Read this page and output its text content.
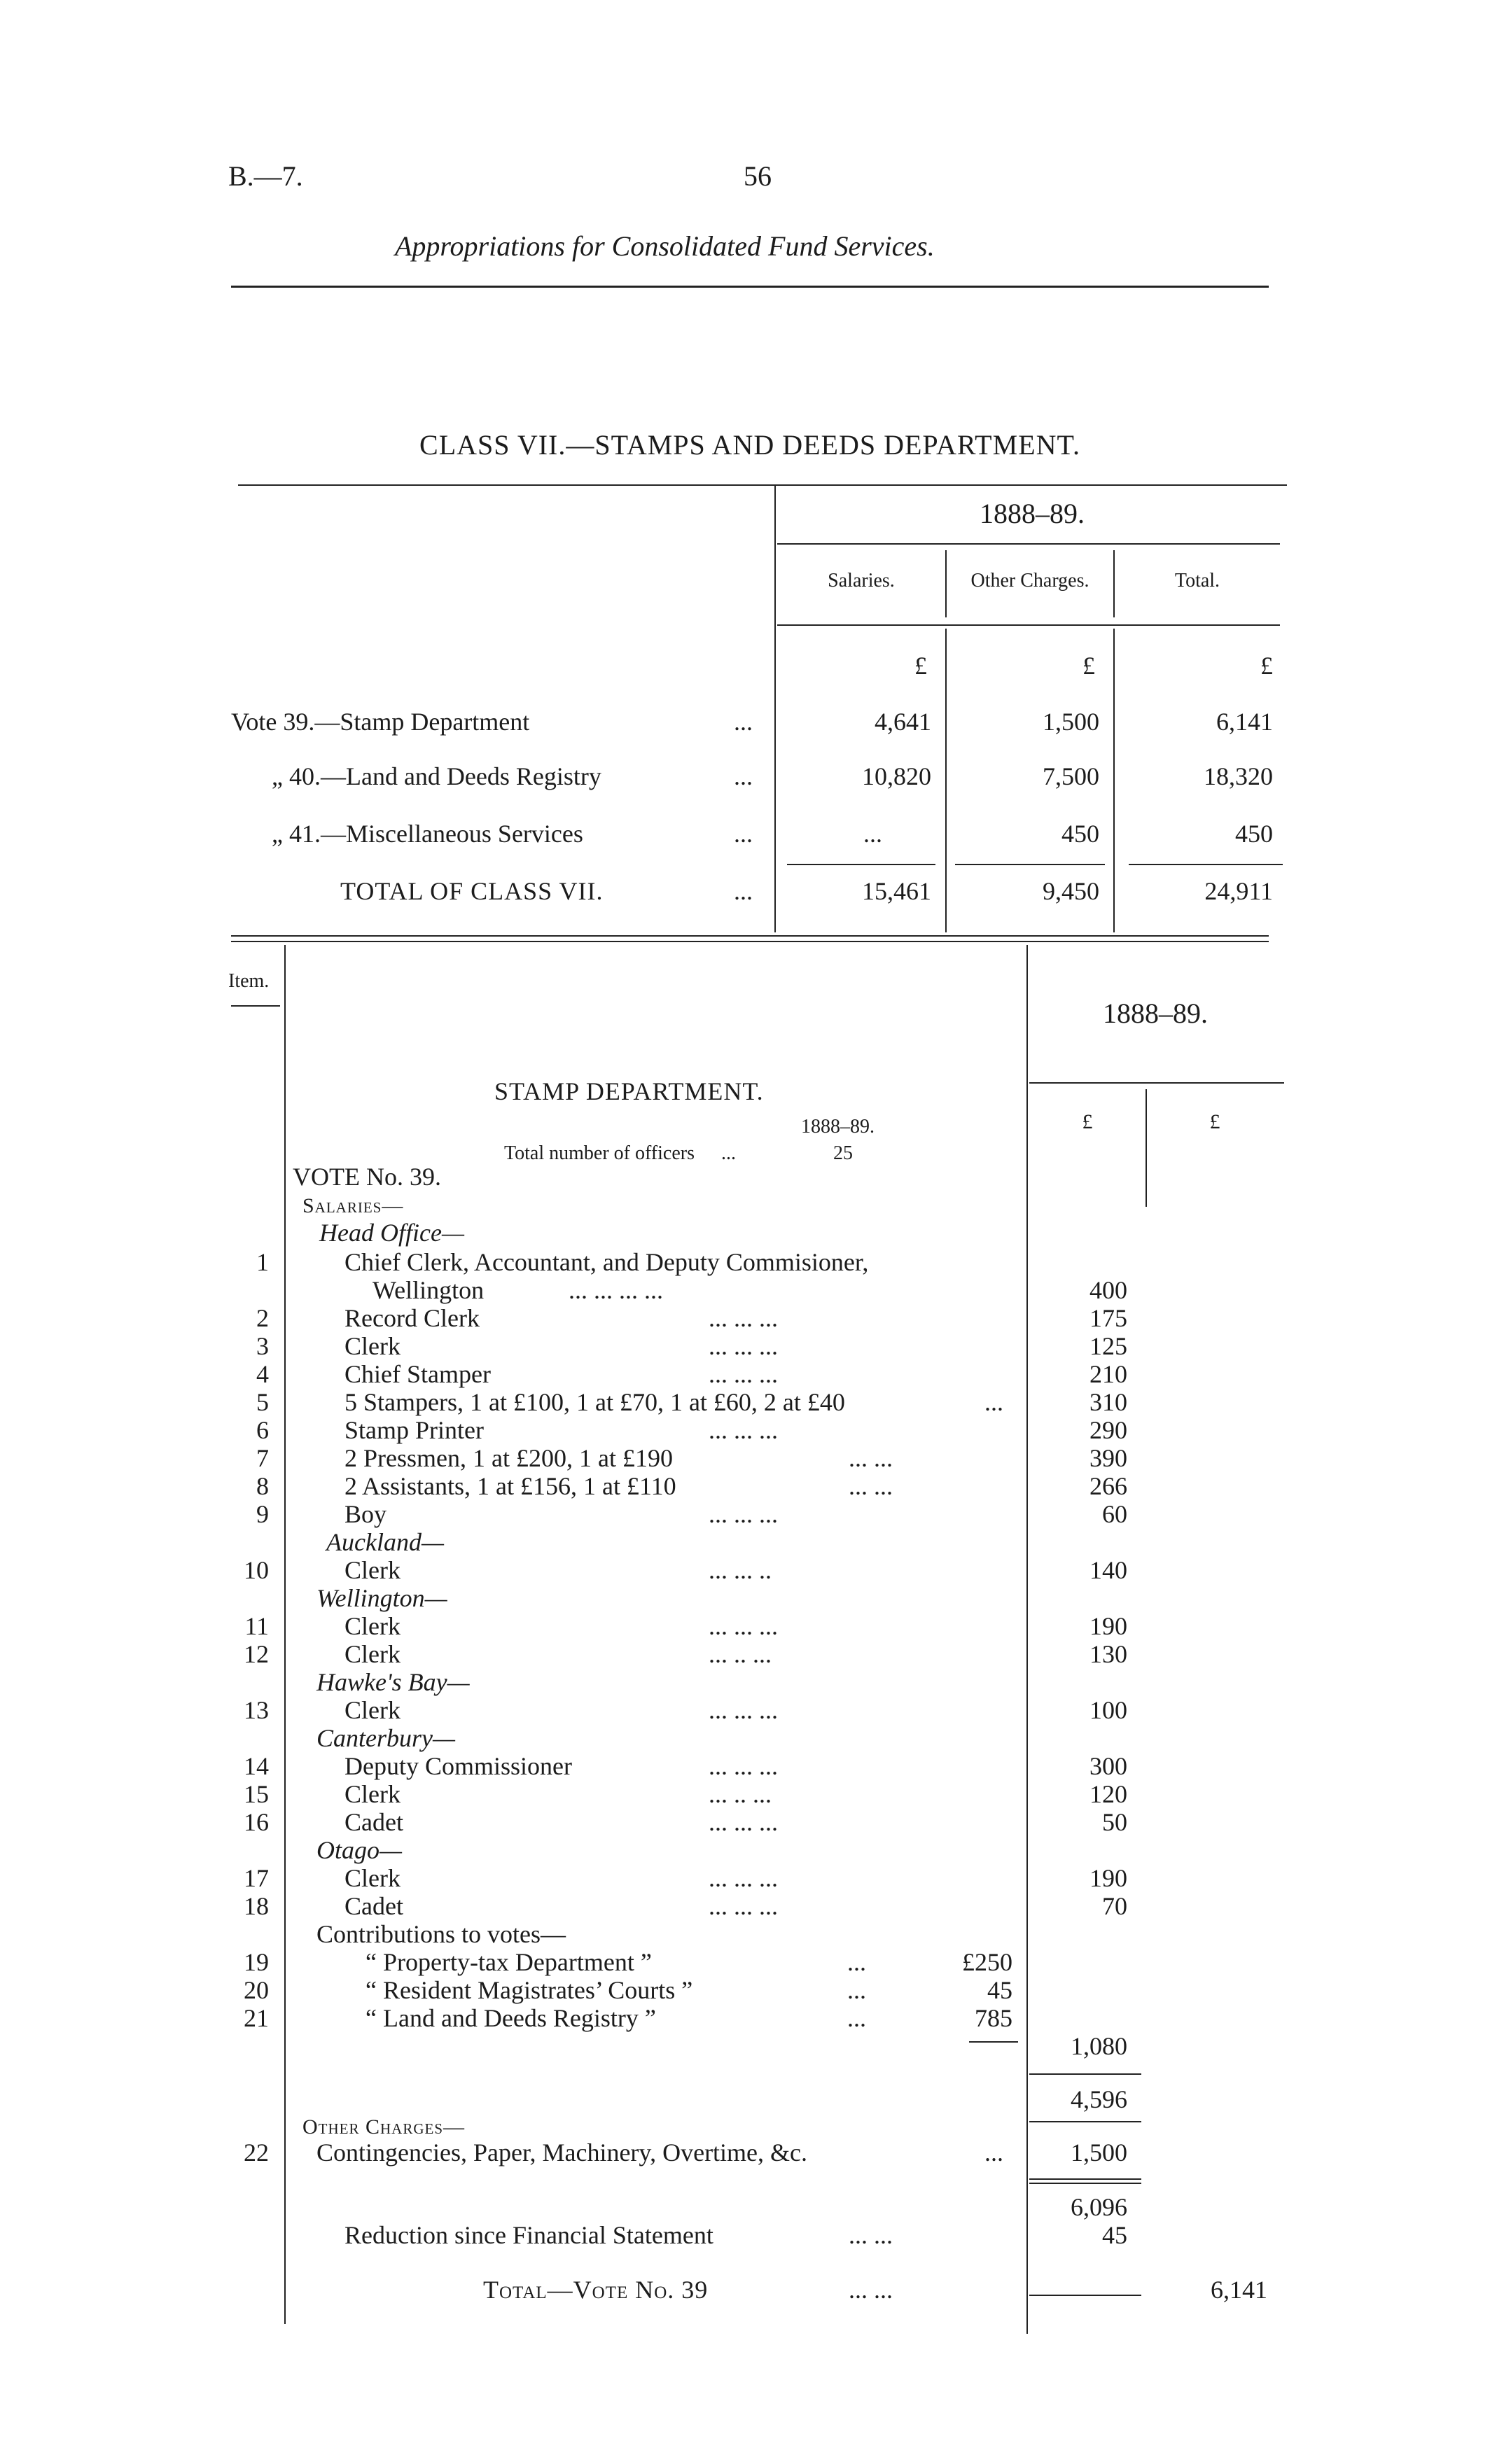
B.—7.	56
Appropriations for Consolidated Fund Services.
CLASS VII.—STAMPS AND DEEDS DEPARTMENT.
1888–89.
Salaries.	Other Charges.	Total.
£	£	£
Vote 39.—Stamp Department	...	4,641	1,500	6,141
„ 40.—Land and Deeds Registry	...	10,820	7,500	18,320
„ 41.—Miscellaneous Services	...	...	450	450
TOTAL OF CLASS VII.	...	15,461	9,450	24,911
Item.
1888–89.
£	£
STAMP DEPARTMENT.
1888–89.
Total number of officers ...	25
VOTE No. 39.
Salaries—
Head Office—
1	Chief Clerk, Accountant, and Deputy Commisioner,
Wellington	... ... ... ...	400
2	Record Clerk	... ... ...	175
3	Clerk	... ... ...	125
4	Chief Stamper	... ... ...	210
5	5 Stampers, 1 at £100, 1 at £70, 1 at £60, 2 at £40	...	310
6	Stamp Printer	... ... ...	290
7	2 Pressmen, 1 at £200, 1 at £190	... ...	390
8	2 Assistants, 1 at £156, 1 at £110	... ...	266
9	Boy	... ... ...	60
Auckland—
10	Clerk	... ... ..	140
Wellington—
11	Clerk	... ... ...	190
12	Clerk	... .. ...	130
Hawke's Bay—
13	Clerk	... ... ...	100
Canterbury—
14	Deputy Commissioner	... ... ...	300
15	Clerk	... .. ...	120
16	Cadet	... ... ...	50
Otago—
17	Clerk	... ... ...	190
18	Cadet	... ... ...	70
Contributions to votes—
19	“ Property-tax Department ”	...	£250
20	“ Resident Magistrates’ Courts ”	...	45
21	“ Land and Deeds Registry ”	...	785
1,080
4,596
Other Charges—
22 Contingencies, Paper, Machinery, Overtime, &c.	...	1,500
6,096
Reduction since Financial Statement	... ...	45
Total—Vote No. 39	... ...	6,141
